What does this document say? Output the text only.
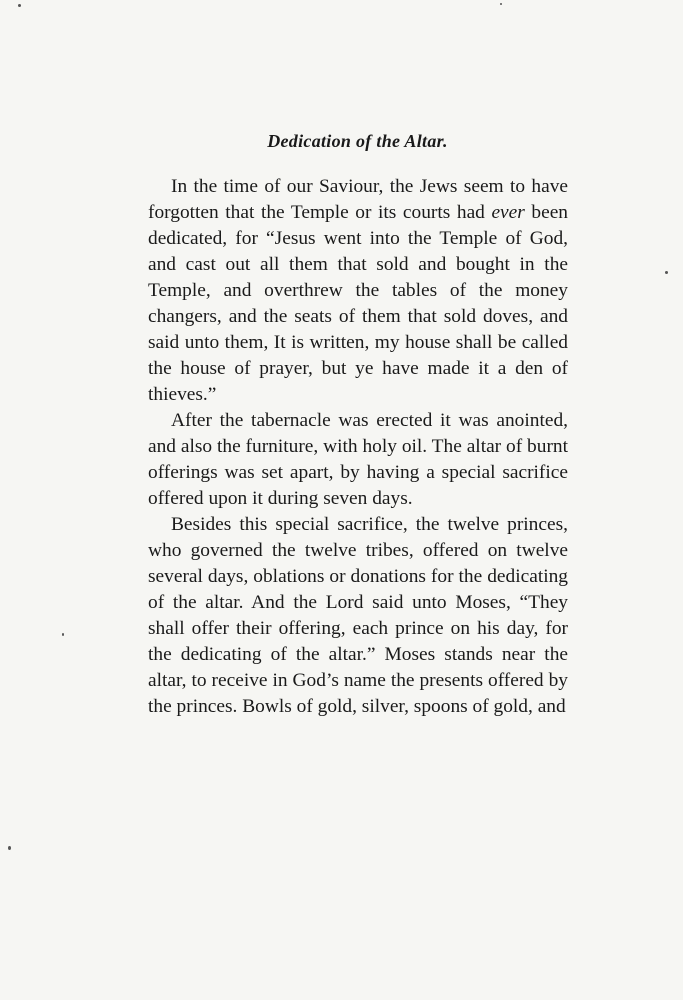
Dedication of the Altar.

In the time of our Saviour, the Jews seem to have forgotten that the Temple or its courts had ever been dedicated, for “Jesus went into the Temple of God, and cast out all them that sold and bought in the Temple, and overthrew the tables of the money changers, and the seats of them that sold doves, and said unto them, It is written, my house shall be called the house of prayer, but ye have made it a den of thieves.”

After the tabernacle was erected it was anointed, and also the furniture, with holy oil. The altar of burnt offerings was set apart, by having a special sacrifice offered upon it during seven days.

Besides this special sacrifice, the twelve princes, who governed the twelve tribes, offered on twelve several days, oblations or donations for the dedicating of the altar. And the Lord said unto Moses, “They shall offer their offering, each prince on his day, for the dedicating of the altar.” Moses stands near the altar, to receive in God’s name the presents offered by the princes. Bowls of gold, silver, spoons of gold, and
